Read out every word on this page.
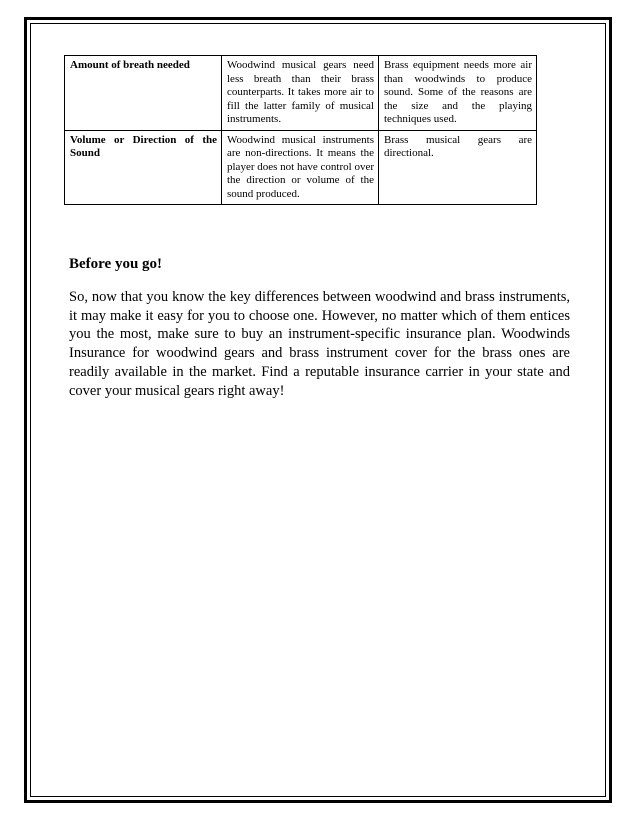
Amount of breath needed	Woodwind musical gears need less breath than their brass counterparts. It takes more air to fill the latter family of musical instruments.	Brass equipment needs more air than woodwinds to produce sound. Some of the reasons are the size and the playing techniques used.
Volume or Direction of the Sound	Woodwind musical instruments are non-directions. It means the player does not have control over the direction or volume of the sound produced.	Brass musical gears are directional.
Before you go!

So, now that you know the key differences between woodwind and brass instruments, it may make it easy for you to choose one. However, no matter which of them entices you the most, make sure to buy an instrument-specific insurance plan. Woodwinds Insurance for woodwind gears and brass instrument cover for the brass ones are readily available in the market. Find a reputable insurance carrier in your state and cover your musical gears right away!
